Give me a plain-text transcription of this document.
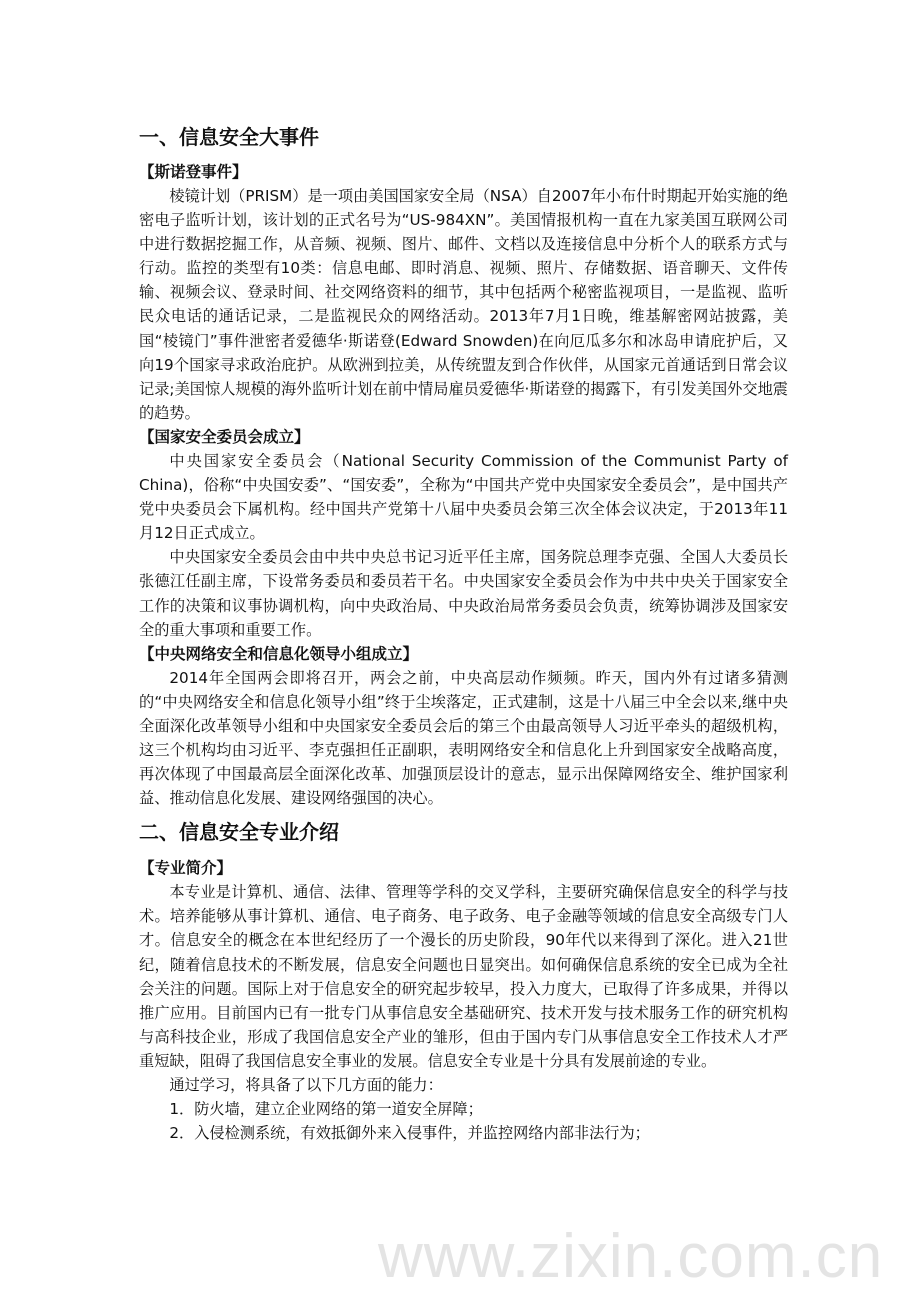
www.zixin.com.cn
一、信息安全大事件
【斯诺登事件】

棱镜计划（PRISM）是一项由美国国家安全局（NSA）自2007年小布什时期起开始实施的绝密电子监听计划，该计划的正式名号为“US-984XN”。美国情报机构一直在九家美国互联网公司中进行数据挖掘工作，从音频、视频、图片、邮件、文档以及连接信息中分析个人的联系方式与行动。监控的类型有10类：信息电邮、即时消息、视频、照片、存储数据、语音聊天、文件传输、视频会议、登录时间、社交网络资料的细节，其中包括两个秘密监视项目，一是监视、监听民众电话的通话记录，二是监视民众的网络活动。2013年7月1日晚，维基解密网站披露，美国“棱镜门”事件泄密者爱德华·斯诺登(Edward Snowden)在向厄瓜多尔和冰岛申请庇护后，又向19个国家寻求政治庇护。从欧洲到拉美，从传统盟友到合作伙伴，从国家元首通话到日常会议记录;美国惊人规模的海外监听计划在前中情局雇员爱德华·斯诺登的揭露下，有引发美国外交地震的趋势。

【国家安全委员会成立】

中央国家安全委员会（National Security Commission of the Communist Party of China)，俗称“中央国安委”、“国安委”，全称为“中国共产党中央国家安全委员会”，是中国共产党中央委员会下属机构。经中国共产党第十八届中央委员会第三次全体会议决定，于2013年11月12日正式成立。

中央国家安全委员会由中共中央总书记习近平任主席，国务院总理李克强、全国人大委员长张德江任副主席，下设常务委员和委员若干名。中央国家安全委员会作为中共中央关于国家安全工作的决策和议事协调机构，向中央政治局、中央政治局常务委员会负责，统筹协调涉及国家安全的重大事项和重要工作。

【中央网络安全和信息化领导小组成立】

2014年全国两会即将召开，两会之前，中央高层动作频频。昨天，国内外有过诸多猜测的“中央网络安全和信息化领导小组”终于尘埃落定，正式建制，这是十八届三中全会以来,继中央全面深化改革领导小组和中央国家安全委员会后的第三个由最高领导人习近平牵头的超级机构，这三个机构均由习近平、李克强担任正副职，表明网络安全和信息化上升到国家安全战略高度，再次体现了中国最高层全面深化改革、加强顶层设计的意志，显示出保障网络安全、维护国家利益、推动信息化发展、建设网络强国的决心。

二、信息安全专业介绍
【专业简介】

本专业是计算机、通信、法律、管理等学科的交叉学科，主要研究确保信息安全的科学与技术。培养能够从事计算机、通信、电子商务、电子政务、电子金融等领域的信息安全高级专门人才。信息安全的概念在本世纪经历了一个漫长的历史阶段，90年代以来得到了深化。进入21世纪，随着信息技术的不断发展，信息安全问题也日显突出。如何确保信息系统的安全已成为全社会关注的问题。国际上对于信息安全的研究起步较早，投入力度大，已取得了许多成果，并得以推广应用。目前国内已有一批专门从事信息安全基础研究、技术开发与技术服务工作的研究机构与高科技企业，形成了我国信息安全产业的雏形，但由于国内专门从事信息安全工作技术人才严重短缺，阻碍了我国信息安全事业的发展。信息安全专业是十分具有发展前途的专业。

通过学习，将具备了以下几方面的能力：

1．防火墙，建立企业网络的第一道安全屏障；

2．入侵检测系统，有效抵御外来入侵事件，并监控网络内部非法行为；
